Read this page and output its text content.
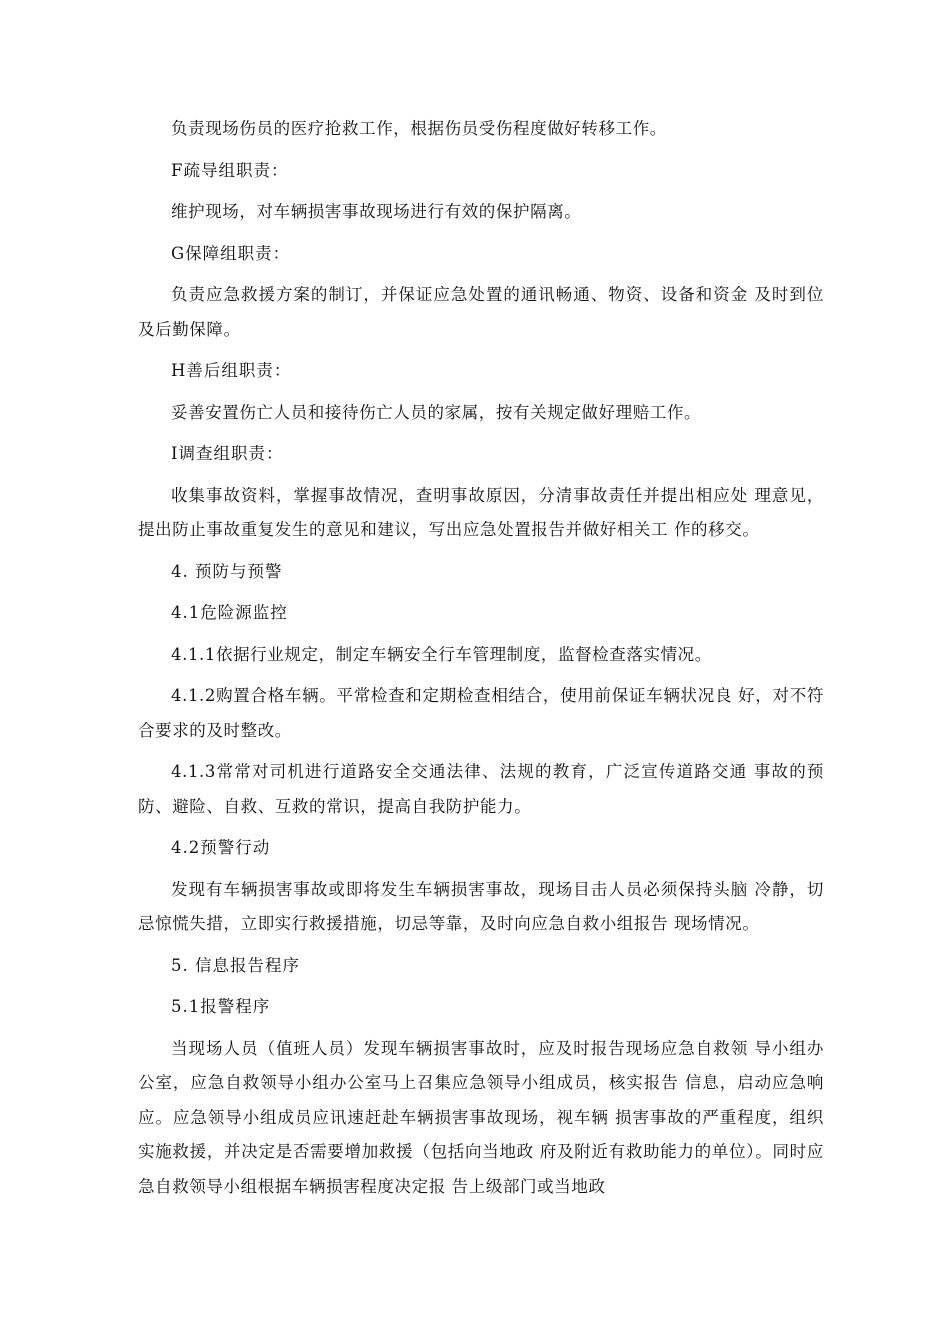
负责现场伤员的医疗抢救工作，根据伤员受伤程度做好转移工作。

F疏导组职责：

维护现场，对车辆损害事故现场进行有效的保护隔离。

G保障组职责：

负责应急救援方案的制订，并保证应急处置的通讯畅通、物资、设备和资金 及时到位及后勤保障。

H善后组职责：

妥善安置伤亡人员和接待伤亡人员的家属，按有关规定做好理赔工作。

I调查组职责：

收集事故资料，掌握事故情况，查明事故原因，分清事故责任并提出相应处 理意见，提出防止事故重复发生的意见和建议，写出应急处置报告并做好相关工 作的移交。

4. 预防与预警

4.1危险源监控

4.1.1依据行业规定，制定车辆安全行车管理制度，监督检查落实情况。

4.1.2购置合格车辆。平常检查和定期检查相结合，使用前保证车辆状况良 好，对不符合要求的及时整改。

4.1.3常常对司机进行道路安全交通法律、法规的教育，广泛宣传道路交通 事故的预防、避险、自救、互救的常识，提高自我防护能力。

4.2预警行动

发现有车辆损害事故或即将发生车辆损害事故，现场目击人员必须保持头脑 冷静，切忌惊慌失措，立即实行救援措施，切忌等靠，及时向应急自救小组报告 现场情况。

5. 信息报告程序

5.1报警程序

当现场人员（值班人员）发现车辆损害事故时，应及时报告现场应急自救领 导小组办公室，应急自救领导小组办公室马上召集应急领导小组成员，核实报告 信息，启动应急响应。应急领导小组成员应讯速赶赴车辆损害事故现场，视车辆 损害事故的严重程度，组织实施救援，并决定是否需要增加救援（包括向当地政 府及附近有救助能力的单位）。同时应急自救领导小组根据车辆损害程度决定报 告上级部门或当地政
